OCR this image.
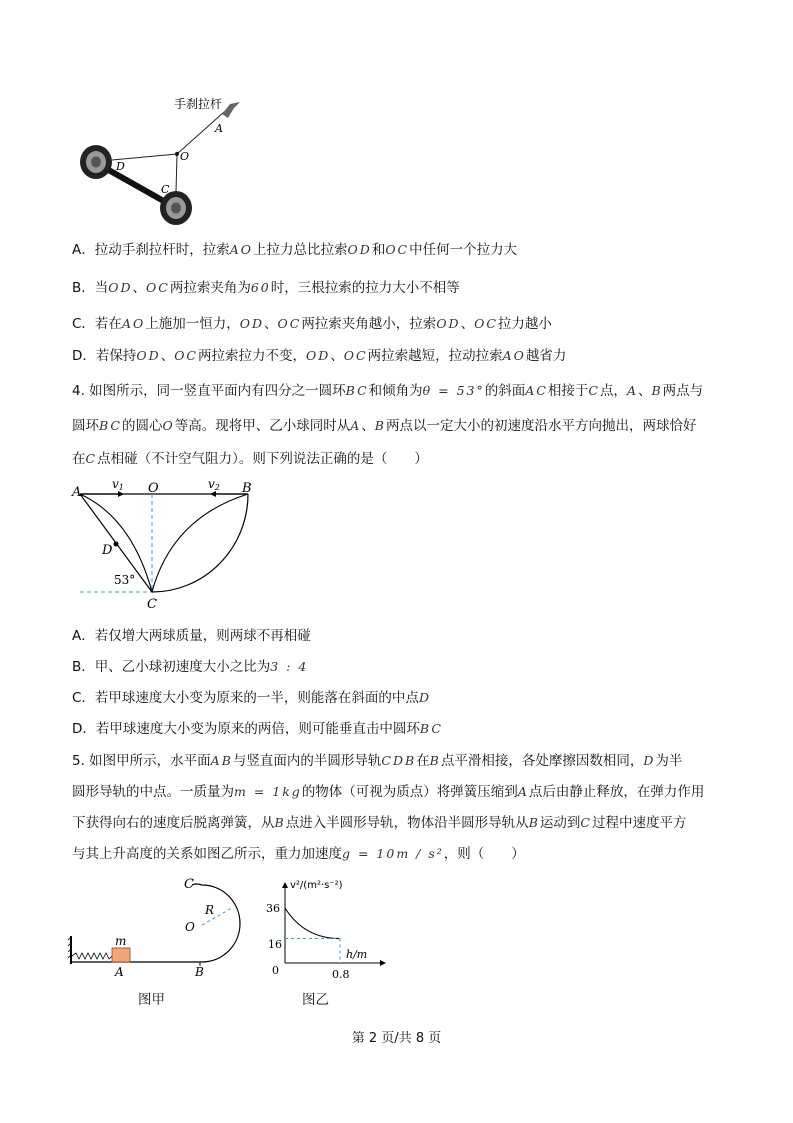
手刹拉杆
A
O
D
C
A．拉动手刹拉杆时，拉索AO上拉力总比拉索OD和OC中任何一个拉力大
B．当OD、OC两拉索夹角为60时，三根拉索的拉力大小不相等
C．若在AO上施加一恒力，OD、OC两拉索夹角越小，拉索OD、OC拉力越小
D．若保持OD、OC两拉索拉力不变，OD、OC两拉索越短，拉动拉索AO越省力
4. 如图所示，同一竖直平面内有四分之一圆环BC和倾角为θ = 53°的斜面AC相接于C点，A、B两点与
圆环BC的圆心O等高。现将甲、乙小球同时从A、B两点以一定大小的初速度沿水平方向抛出，两球恰好
在C点相碰（不计空气阻力）。则下列说法正确的是（　　）
A	O	B
D
C
v1	v2
53°
A．若仅增大两球质量，则两球不再相碰
B．甲、乙小球初速度大小之比为3 : 4
C．若甲球速度大小变为原来的一半，则能落在斜面的中点D
D．若甲球速度大小变为原来的两倍，则可能垂直击中圆环BC
5. 如图甲所示，水平面AB与竖直面内的半圆形导轨CDB在B点平滑相接，各处摩擦因数相同，D为半
圆形导轨的中点。一质量为m = 1kg的物体（可视为质点）将弹簧压缩到A点后由静止释放，在弹力作用
下获得向右的速度后脱离弹簧，从B点进入半圆形导轨，物体沿半圆形导轨从B运动到C过程中速度平方
与其上升高度的关系如图乙所示，重力加速度g = 10m / s²，则（　　）
C
R
O
m
A	B
图甲
v²/(m²·s⁻²)
h/m
36
16
0.8
0
图乙
第 2 页/共 8 页
